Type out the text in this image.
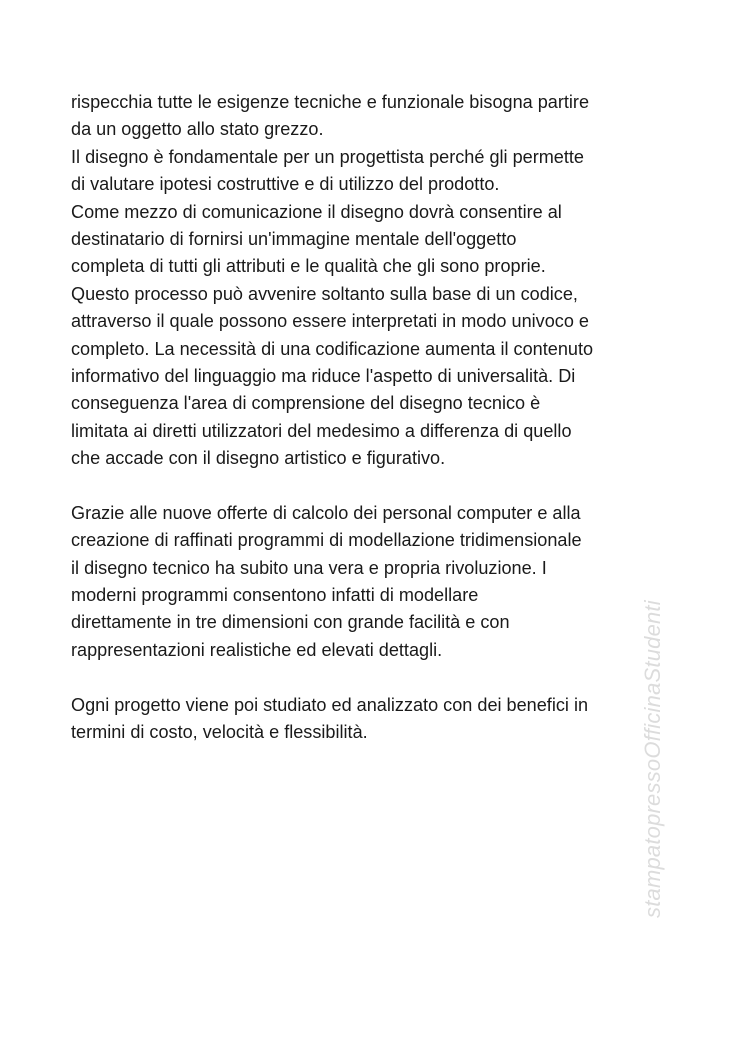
rispecchia tutte le esigenze tecniche e funzionale bisogna partire
da un oggetto allo stato grezzo.
Il disegno è fondamentale per un progettista perché gli permette
di valutare ipotesi costruttive e di utilizzo del prodotto.
Come mezzo di comunicazione il disegno dovrà consentire al
destinatario di fornirsi un'immagine mentale dell'oggetto
completa di tutti gli attributi e le qualità che gli sono proprie.
Questo processo può avvenire soltanto sulla base di un codice,
attraverso il quale possono essere interpretati in modo univoco e
completo. La necessità di una codificazione aumenta il contenuto
informativo del linguaggio ma riduce l'aspetto di universalità. Di
conseguenza l'area di comprensione del disegno tecnico è
limitata ai diretti utilizzatori del medesimo a differenza di quello
che accade con il disegno artistico e figurativo.
Grazie alle nuove offerte di calcolo dei personal computer e alla
creazione di raffinati programmi di modellazione tridimensionale
il disegno tecnico ha subito una vera e propria rivoluzione. I
moderni programmi consentono infatti di modellare
direttamente in tre dimensioni con grande facilità e con
rappresentazioni realistiche ed elevati dettagli.
Ogni progetto viene poi studiato ed analizzato con dei benefici in
termini di costo, velocità e flessibilità.	stampatopressoOfficinaStudenti
